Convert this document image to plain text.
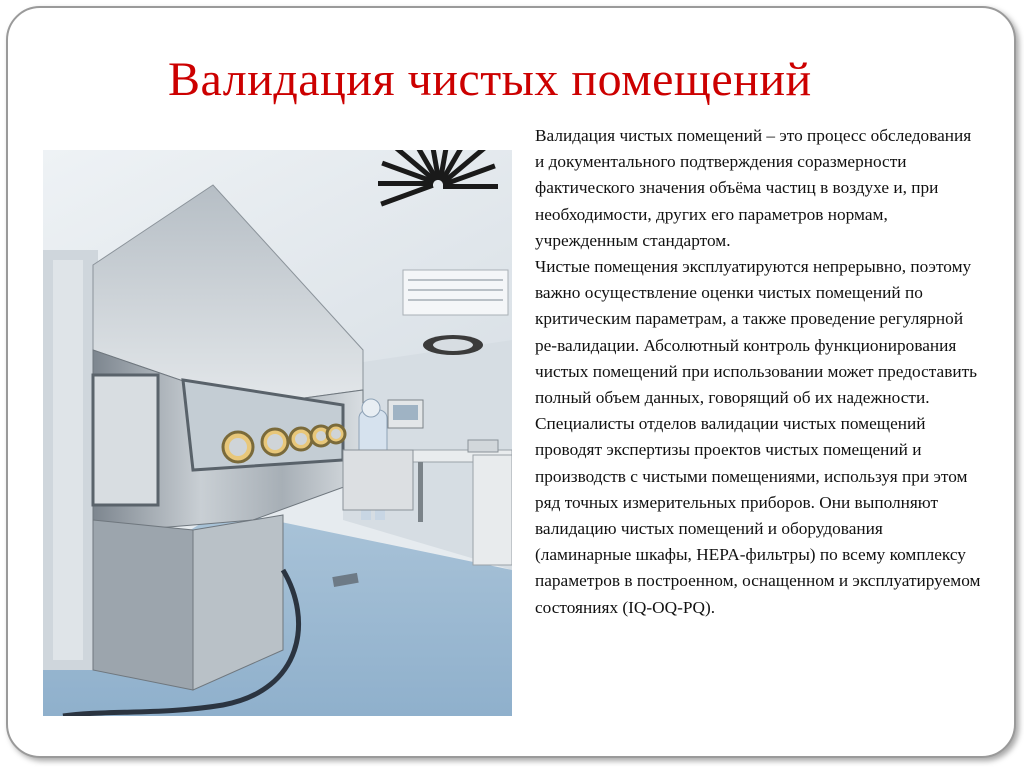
Валидация чистых помещений

Валидация чистых помещений – это процесс обследования и документального подтверждения соразмерности фактического значения объёма частиц в воздухе и, при необходимости, других его параметров нормам, учрежденным стандартом.

Чистые помещения эксплуатируются непрерывно, поэтому важно осуществление оценки чистых помещений по критическим параметрам, а также проведение регулярной ре-валидации. Абсолютный контроль функционирования чистых помещений при использовании может предоставить полный объем данных, говорящий об их надежности.

Специалисты отделов валидации чистых помещений проводят экспертизы проектов чистых помещений и производств с чистыми помещениями, используя при этом ряд точных измерительных приборов. Они выполняют валидацию чистых помещений и оборудования (ламинарные шкафы, HEPA-фильтры) по всему комплексу параметров в построенном, оснащенном и эксплуатируемом состояниях (IQ-OQ-PQ).
